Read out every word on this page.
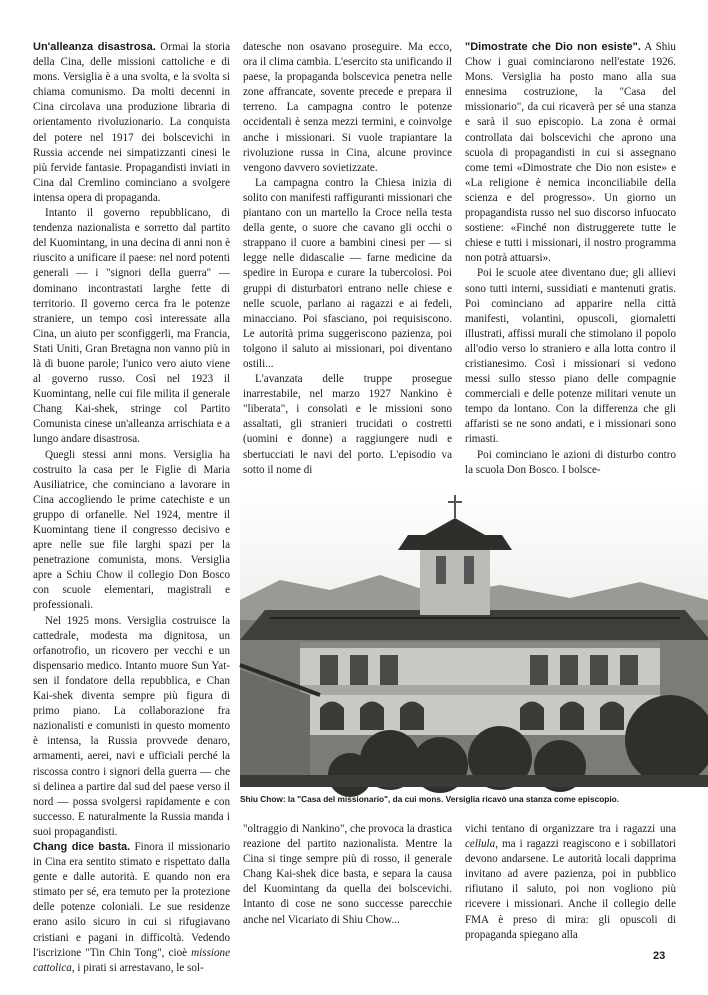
Un'alleanza disastrosa. Ormai la storia della Cina, delle missioni cattoliche e di mons. Versiglia è a una svolta, e la svolta si chiama comunismo. Da molti decenni in Cina circolava una produzione libraria di orientamento rivoluzionario. La conquista del potere nel 1917 dei bolscevichi in Russia accende nei simpatizzanti cinesi le più fervide fantasie. Propagandisti inviati in Cina dal Cremlino cominciano a svolgere intensa opera di propaganda.

Intanto il governo repubblicano, di tendenza nazionalista e sorretto dal partito del Kuomintang, in una decina di anni non è riuscito a unificare il paese: nel nord potenti generali — i "signori della guerra" — dominano incontrastati larghe fette di territorio. Il governo cerca fra le potenze straniere, un tempo così interessate alla Cina, un aiuto per sconfiggerli, ma Francia, Stati Uniti, Gran Bretagna non vanno più in là di buone parole; l'unico vero aiuto viene al governo russo. Così nel 1923 il Kuomintang, nelle cui file milita il generale Chang Kai-shek, stringe col Partito Comunista cinese un'alleanza arrischiata e a lungo andare disastrosa.

Quegli stessi anni mons. Versiglia ha costruito la casa per le Figlie di Maria Ausiliatrice, che cominciano a lavorare in Cina accogliendo le prime catechiste e un gruppo di orfanelle. Nel 1924, mentre il Kuomintang tiene il congresso decisivo e apre nelle sue file larghi spazi per la penetrazione comunista, mons. Versiglia apre a Schiu Chow il collegio Don Bosco con scuole elementari, magistrali e professionali.

Nel 1925 mons. Versiglia costruisce la cattedrale, modesta ma dignitosa, un orfanotrofio, un ricovero per vecchi e un dispensario medico. Intanto muore Sun Yat-sen il fondatore della repubblica, e Chan Kai-shek diventa sempre più figura di primo piano. La collaborazione fra nazionalisti e comunisti in questo momento è intensa, la Russia provvede denaro, armamenti, aerei, navi e ufficiali perché la riscossa contro i signori della guerra — che si delinea a partire dal sud del paese verso il nord — possa svolgersi rapidamente e con successo. E naturalmente la Russia manda i suoi propagandisti.

Chang dice basta. Finora il missionario in Cina era sentito stimato e rispettato dalla gente e dalle autorità. E quando non era stimato per sé, era temuto per la protezione delle potenze coloniali. Le sue residenze erano asilo sicuro in cui si rifugiavano cristiani e pagani in difficoltà. Vedendo l'iscrizione "Tin Chin Tong", cioè missione cattolica, i pirati si arrestavano, le sol-

datesche non osavano proseguire. Ma ecco, ora il clima cambia. L'esercito sta unificando il paese, la propaganda bolscevica penetra nelle zone affrancate, sovente precede e prepara il terreno. La campagna contro le potenze occidentali è senza mezzi termini, e coinvolge anche i missionari. Si vuole trapiantare la rivoluzione russa in Cina, alcune province vengono davvero sovietizzate.

La campagna contro la Chiesa inizia di solito con manifesti raffiguranti missionari che piantano con un martello la Croce nella testa della gente, o suore che cavano gli occhi o strappano il cuore a bambini cinesi per — si legge nelle didascalie — farne medicine da spedire in Europa e curare la tubercolosi. Poi gruppi di disturbatori entrano nelle chiese e nelle scuole, parlano ai ragazzi e ai fedeli, minacciano. Poi sfasciano, poi requisiscono. Le autorità prima suggeriscono pazienza, poi tolgono il saluto ai missionari, poi diventano ostili...

L'avanzata delle truppe prosegue inarrestabile, nel marzo 1927 Nankino è "liberata", i consolati e le missioni sono assaltati, gli stranieri trucidati o costretti (uomini e donne) a raggiungere nudi e sbertucciati le navi del porto. L'episodio va sotto il nome di

"Dimostrate che Dio non esiste". A Shiu Chow i guai cominciarono nell'estate 1926. Mons. Versiglia ha posto mano alla sua ennesima costruzione, la "Casa del missionario", da cui ricaverà per sé una stanza e sarà il suo episcopio. La zona è ormai controllata dai bolscevichi che aprono una scuola di propagandisti in cui si assegnano come temi «Dimostrate che Dio non esiste» e «La religione è nemica inconciliabile della scienza e del progresso». Un giorno un propagandista russo nel suo discorso infuocato sostiene: «Finché non distruggerete tutte le chiese e tutti i missionari, il nostro programma non potrà attuarsi».

Poi le scuole atee diventano due; gli allievi sono tutti interni, sussidiati e mantenuti gratis. Poi cominciano ad apparire nella città manifesti, volantini, opuscoli, giornaletti illustrati, affissi murali che stimolano il popolo all'odio verso lo straniero e alla lotta contro il cristianesimo. Così i missionari si vedono messi sullo stesso piano delle compagnie commerciali e delle potenze militari venute un tempo da lontano. Con la differenza che gli affaristi se ne sono andati, e i missionari sono rimasti.

Poi cominciano le azioni di disturbo contro la scuola Don Bosco. I bolsce-

Shiu Chow: la "Casa del missionario", da cui mons. Versiglia ricavò una stanza come episcopio.

"oltraggio di Nankino", che provoca la drastica reazione del partito nazionalista. Mentre la Cina si tinge sempre più di rosso, il generale Chang Kai-shek dice basta, e separa la causa del Kuomintang da quella dei bolscevichi. Intanto di cose ne sono successe parecchie anche nel Vicariato di Shiu Chow...

vichi tentano di organizzare tra i ragazzi una cellula, ma i ragazzi reagiscono e i sobillatori devono andarsene. Le autorità locali dapprima invitano ad avere pazienza, poi in pubblico rifiutano il saluto, poi non vogliono più ricevere i missionari. Anche il collegio delle FMA è preso di mira: gli opuscoli di propaganda spiegano alla

23
